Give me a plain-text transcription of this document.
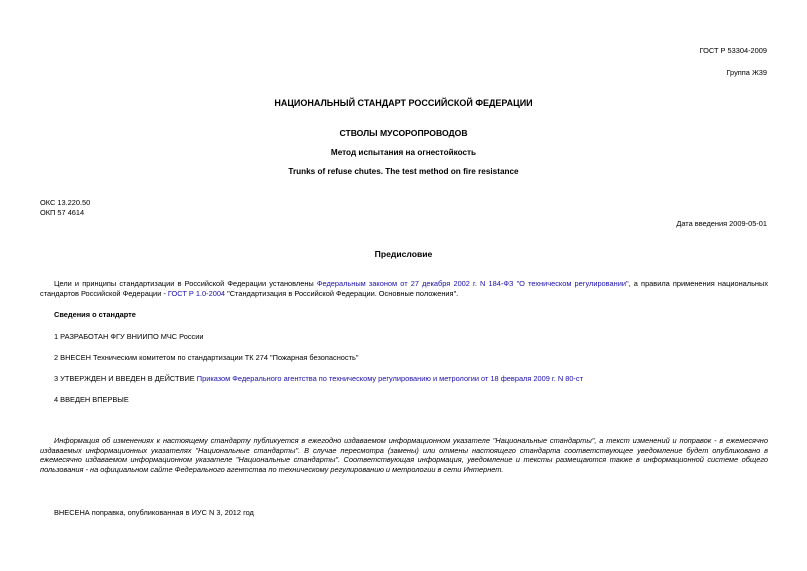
ГОСТ Р 53304-2009
Группа Ж39
НАЦИОНАЛЬНЫЙ СТАНДАРТ РОССИЙСКОЙ ФЕДЕРАЦИИ
СТВОЛЫ МУСОРОПРОВОДОВ
Метод испытания на огнестойкость
Trunks of refuse chutes. The test method on fire resistance
ОКС 13.220.50
ОКП 57 4614
Дата введения 2009-05-01
Предисловие
Цели и принципы стандартизации в Российской Федерации установлены Федеральным законом от 27 декабря 2002 г. N 184-ФЗ "О техническом регулировании", а правила применения национальных стандартов Российской Федерации - ГОСТ Р 1.0-2004 "Стандартизация в Российской Федерации. Основные положения".
Сведения о стандарте
1 РАЗРАБОТАН ФГУ ВНИИПО МЧС России
2 ВНЕСЕН Техническим комитетом по стандартизации ТК 274 "Пожарная безопасность"
3 УТВЕРЖДЕН И ВВЕДЕН В ДЕЙСТВИЕ Приказом Федерального агентства по техническому регулированию и метрологии от 18 февраля 2009 г. N 80-ст
4 ВВЕДЕН ВПЕРВЫЕ
Информация об изменениях к настоящему стандарту публикуется в ежегодно издаваемом информационном указателе "Национальные стандарты", а текст изменений и поправок - в ежемесячно издаваемых информационных указателях "Национальные стандарты". В случае пересмотра (замены) или отмены настоящего стандарта соответствующее уведомление будет опубликовано в ежемесячно издаваемом информационном указателе "Национальные стандарты". Соответствующая информация, уведомление и тексты размещаются также в информационной системе общего пользования - на официальном сайте Федерального агентства по техническому регулированию и метрологии в сети Интернет.
ВНЕСЕНА поправка, опубликованная в ИУС N 3, 2012 год
